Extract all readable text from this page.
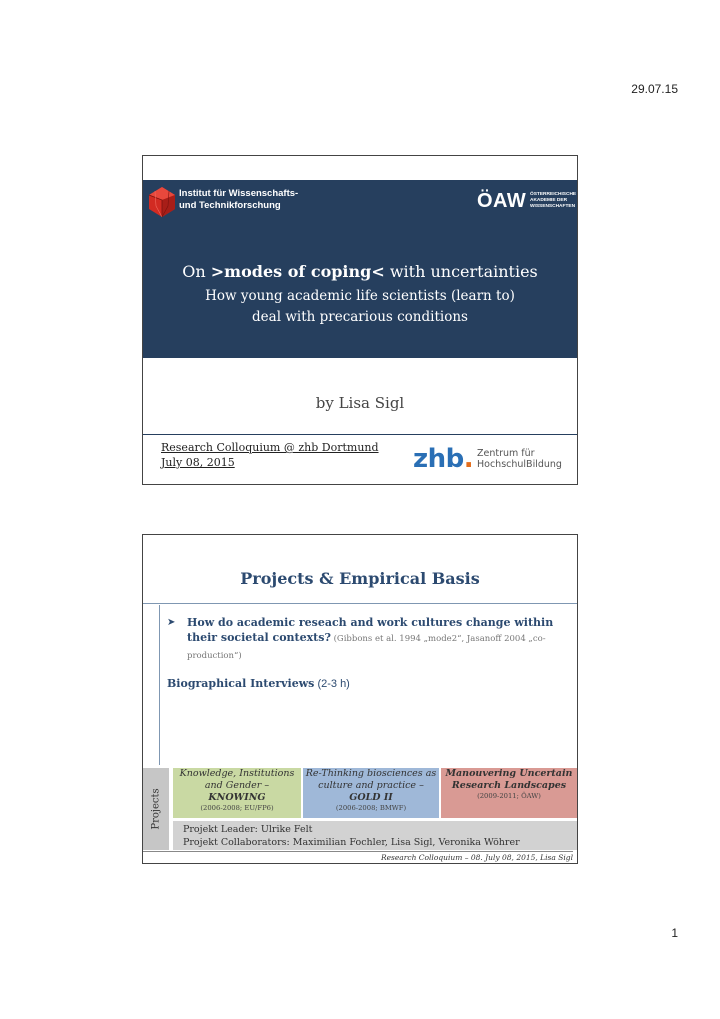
29.07.15
Institut für Wissenschafts-
und Technikforschung	ÖAW ÖSTERREICHISCHE
AKADEMIE DER
WISSENSCHAFTEN
On >modes of coping< with uncertainties
How young academic life scientists (learn to)
deal with precarious conditions
by Lisa Sigl
Research Colloquium @ zhb Dortmund
July 08, 2015	zhb. Zentrum für
HochschulBildung
Projects & Empirical Basis
➤	How do academic reseach and work cultures change within their societal contexts? (Gibbons et al. 1994 „mode2“, Jasanoff 2004 „co-production“)
Biographical Interviews (2-3 h)
Projects
Knowledge, Institutions and Gender –
KNOWING
(2006-2008; EU/FP6)
Re-Thinking biosciences as culture and practice –
GOLD II
(2006-2008; BMWF)
Manouvering Uncertain Research Landscapes
(2009-2011; ÖAW)
Projekt Leader: Ulrike Felt
Projekt Collaborators: Maximilian Fochler, Lisa Sigl, Veronika Wöhrer
Research Colloquium – 08. July 08, 2015, Lisa Sigl
1
